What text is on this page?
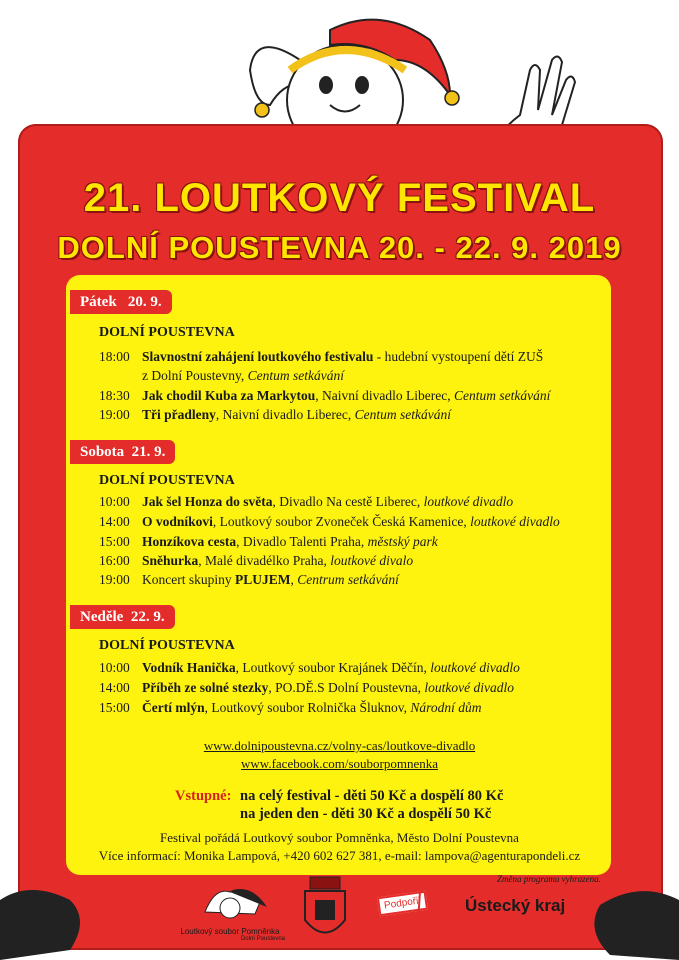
21. LOUTKOVÝ FESTIVAL
DOLNÍ POUSTEVNA 20. - 22. 9. 2019
Pátek   20. 9.
DOLNÍ POUSTEVNA
18:00 Slavnostní zahájení loutkového festivalu - hudební vystoupení dětí ZUŠ
z Dolní Poustevny, Centum setkávání
18:30 Jak chodil Kuba za Markytou, Naivní divadlo Liberec, Centum setkávání
19:00 Tři přadleny, Naivní divadlo Liberec, Centum setkávání
Sobota  21. 9.
DOLNÍ POUSTEVNA
10:00 Jak šel Honza do světa, Divadlo Na cestě Liberec, loutkové divadlo
14:00 O vodníkovi, Loutkový soubor Zvoneček Česká Kamenice, loutkové divadlo
15:00 Honzíkova cesta, Divadlo Talenti Praha, městský park
16:00 Sněhurka, Malé divadélko Praha, loutkové divalo
19:00 Koncert skupiny PLUJEM, Centrum setkávání
Neděle  22. 9.
DOLNÍ POUSTEVNA
10:00 Vodník Hanička, Loutkový soubor Krajánek Děčín, loutkové divadlo
14:00 Příběh ze solné stezky, PO.DĚ.S Dolní Poustevna, loutkové divadlo
15:00 Čertí mlýn, Loutkový soubor Rolnička Šluknov, Národní dům
www.dolnipoustevna.cz/volny-cas/loutkove-divadlo
www.facebook.com/souborpomnenka
Vstupné: na celý festival - děti 50 Kč a dospělí 80 Kč
na jeden den - děti 30 Kč a dospělí 50 Kč
Festival pořádá Loutkový soubor Pomněnka, Město Dolní Poustevna
Více informací: Monika Lampová, +420 602 627 381, e-mail: lampova@agenturapondeli.cz
Změna programu vyhrazena.
Loutkový soubor Pomněnka
Dolní Poustevna
Podpořil	Ústecký kraj
